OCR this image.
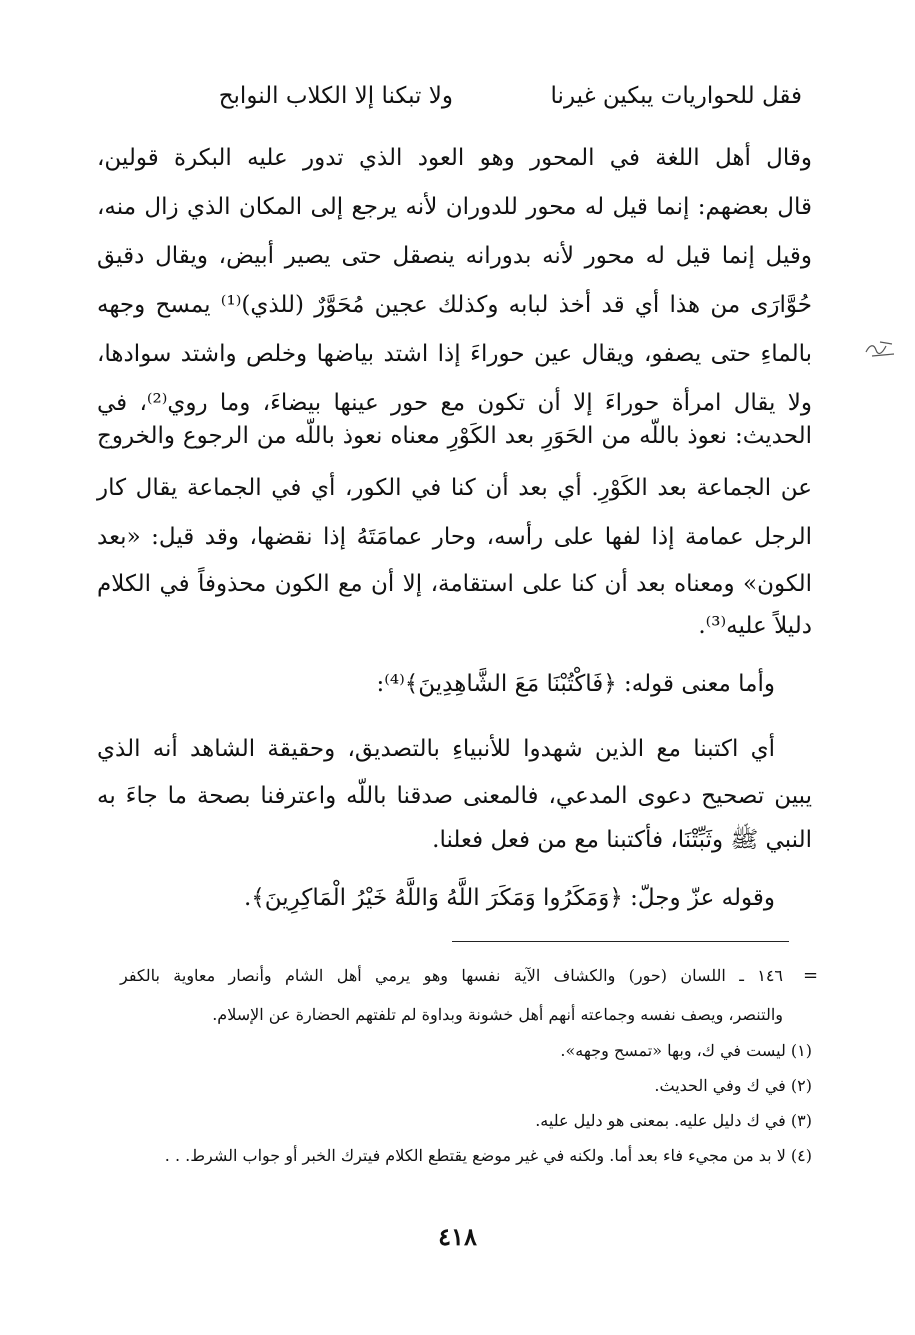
فقل للحواريات يبكين غيرنا
ولا تبكنا إلا الكلاب النوابح
وقال أهل اللغة في المحور وهو العود الذي تدور عليه البكرة قولين،
قال بعضهم: إنما قيل له محور للدوران لأنه يرجع إلى المكان الذي زال منه،
وقيل إنما قيل له محور لأنه بدورانه ينصقل حتى يصير أبيض، ويقال دقيق
حُوَّارَى من هذا أي قد أخذ لبابه وكذلك عجين مُحَوَّرٌ (للذي)⁽¹⁾ يمسح وجهه
بالماءِ حتى يصفو، ويقال عين حوراءَ إذا اشتد بياضها وخلص واشتد سوادها،
ولا يقال امرأة حوراءَ إلا أن تكون مع حور عينها بيضاءَ، وما روي⁽²⁾، في
الحديث: نعوذ باللّه من الحَوَرِ بعد الكَوْرِ معناه نعوذ باللّه من الرجوع والخروج
عن الجماعة بعد الكَوْرِ. أي بعد أن كنا في الكور، أي في الجماعة يقال كار
الرجل عمامة إذا لفها على رأسه، وحار عمامَتَهُ إذا نقضها، وقد قيل: «بعد
الكون» ومعناه بعد أن كنا على استقامة، إلا أن مع الكون محذوفاً في الكلام
دليلاً عليه⁽³⁾.
وأما معنى قوله: ﴿فَاكْتُبْنَا مَعَ الشَّاهِدِينَ﴾⁽⁴⁾:
أي اكتبنا مع الذين شهدوا للأنبياءِ بالتصديق، وحقيقة الشاهد أنه الذي
يبين تصحيح دعوى المدعي، فالمعنى صدقنا باللّه واعترفنا بصحة ما جاءَ به
النبي ﷺ وثَبِّتْنَا، فأكتبنا مع من فعل فعلنا.
وقوله عزّ وجلّ: ﴿وَمَكَرُوا وَمَكَرَ اللَّهُ وَاللَّهُ خَيْرُ الْمَاكِرِينَ﴾.
=
١٤٦ ـ اللسان (حور) والكشاف الآية نفسها وهو يرمي أهل الشام وأنصار معاوية بالكفر
والتنصر، ويصف نفسه وجماعته أنهم أهل خشونة وبداوة لم تلفتهم الحضارة عن الإسلام.
(١) ليست في ك، وبها «تمسح وجهه».
(٢) في ك وفي الحديث.
(٣) في ك دليل عليه. بمعنى هو دليل عليه.
(٤) لا بد من مجيء فاء بعد أما. ولكنه في غير موضع يقتطع الكلام فيترك الخبر أو جواب الشرط. . .
٤١٨
